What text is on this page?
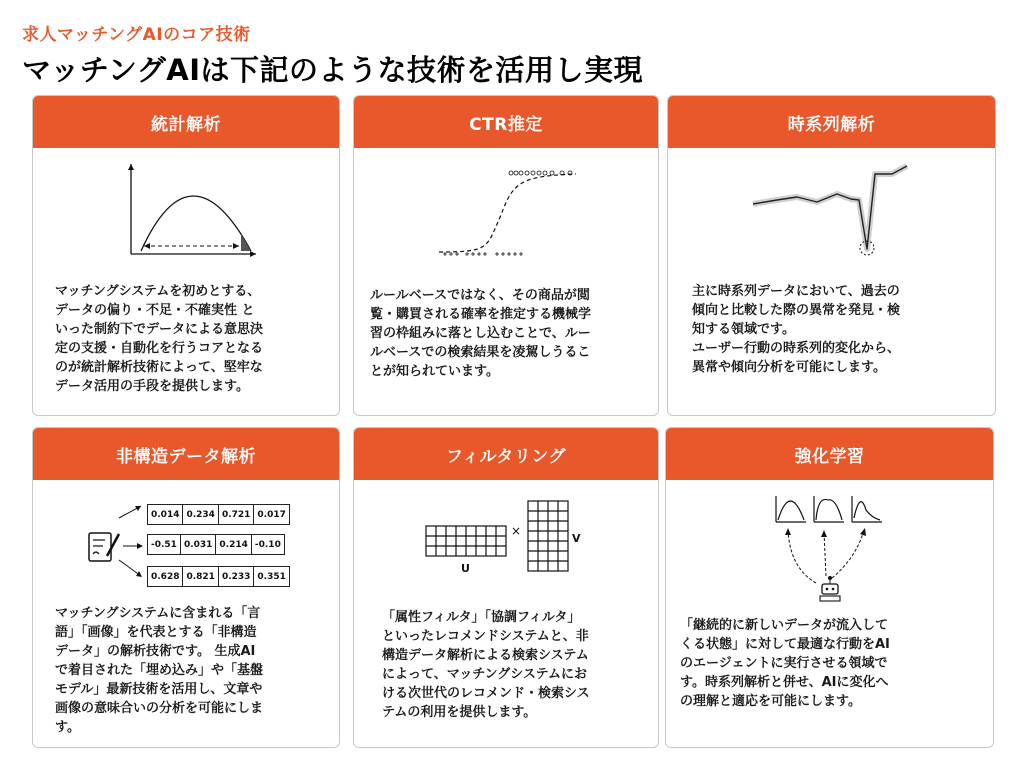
求人マッチングAIのコア技術
マッチングAIは下記のような技術を活用し実現
統計解析
マッチングシステムを初めとする、
データの偏り・不足・不確実性 と
いった制約下でデータによる意思決
定の支援・自動化を行うコアとなる
のが統計解析技術によって、堅牢な
データ活用の手段を提供します。
CTR推定
ルールベースではなく、その商品が閲
覧・購買される確率を推定する機械学
習の枠組みに落とし込むことで、ルー
ルベースでの検索結果を凌駕しうるこ
とが知られています。
時系列解析
主に時系列データにおいて、過去の
傾向と比較した際の異常を発見・検
知する領域です。
ユーザー行動の時系列的変化から、
異常や傾向分析を可能にします。
非構造データ解析
0.014	0.234	0.721	0.017
-0.51	0.031	0.214	-0.10
0.628	0.821	0.233	0.351
マッチングシステムに含まれる「言
語」「画像」を代表とする「非構造
データ」の解析技術です。 生成AI
で着目された「埋め込み」や「基盤
モデル」最新技術を活用し、文章や
画像の意味合いの分析を可能にしま
す。
フィルタリング
×
U
V
「属性フィルタ」「協調フィルタ」
といったレコメンドシステムと、非
構造データ解析による検索システム
によって、マッチングシステムにお
ける次世代のレコメンド・検索シス
テムの利用を提供します。
強化学習
「継続的に新しいデータが流入して
くる状態」に対して最適な行動をAI
のエージェントに実行させる領域で
す。時系列解析と併せ、AIに変化へ
の理解と適応を可能にします。
